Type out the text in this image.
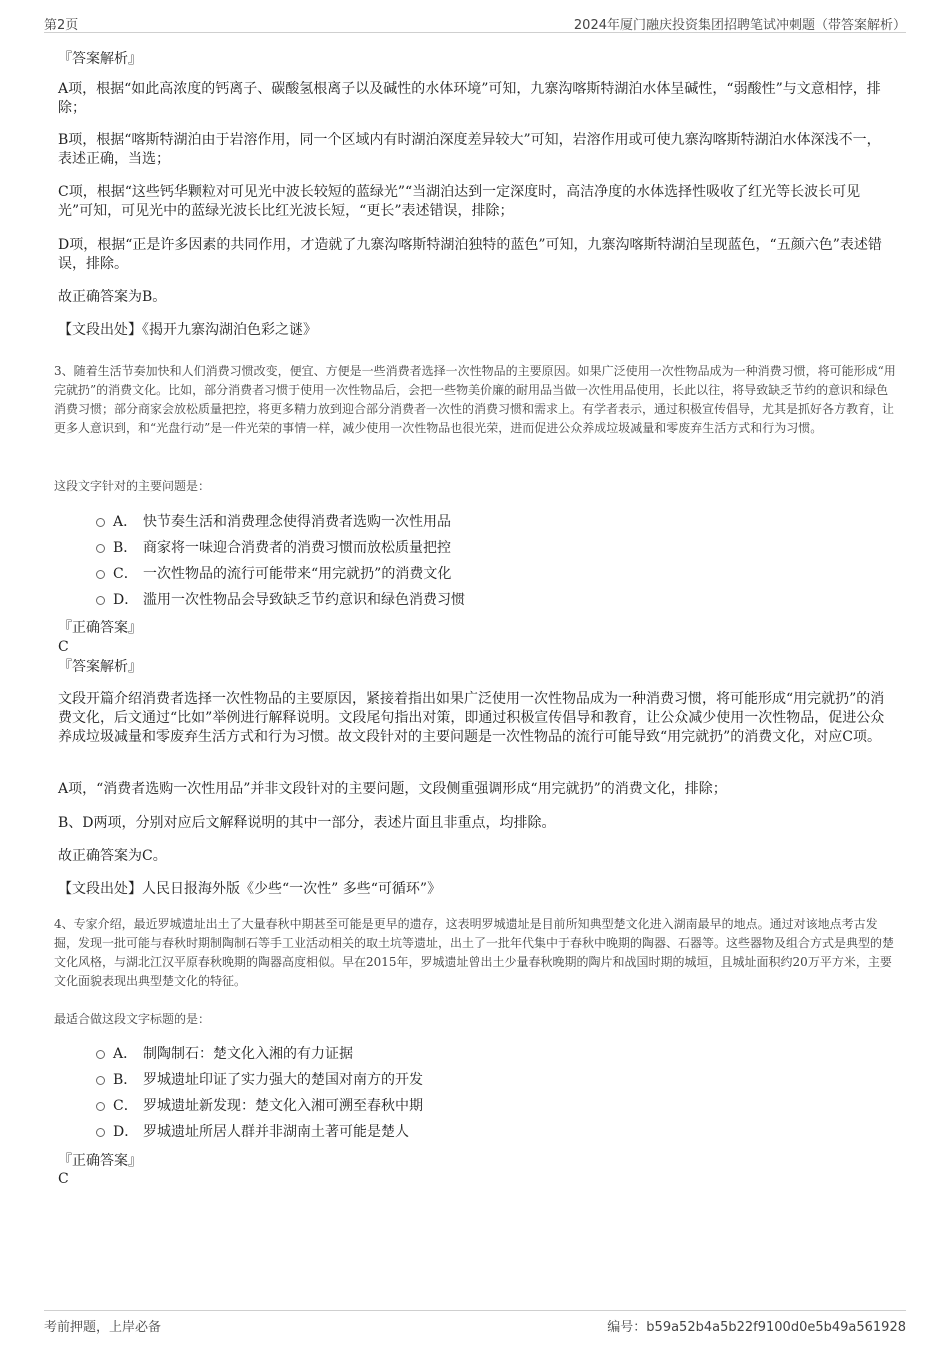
第2页	2024年厦门融庆投资集团招聘笔试冲刺题（带答案解析）
『答案解析』
A项，根据“如此高浓度的钙离子、碳酸氢根离子以及碱性的水体环境”可知，九寨沟喀斯特湖泊水体呈碱性，“弱酸性”与文意相悖，排除；
B项，根据“喀斯特湖泊由于岩溶作用，同一个区域内有时湖泊深度差异较大”可知，岩溶作用或可使九寨沟喀斯特湖泊水体深浅不一，表述正确，当选；
C项，根据“这些钙华颗粒对可见光中波长较短的蓝绿光”“当湖泊达到一定深度时，高洁净度的水体选择性吸收了红光等长波长可见光”可知，可见光中的蓝绿光波长比红光波长短，“更长”表述错误，排除；
D项，根据“正是许多因素的共同作用，才造就了九寨沟喀斯特湖泊独特的蓝色”可知，九寨沟喀斯特湖泊呈现蓝色，“五颜六色”表述错误，排除。
故正确答案为B。
【文段出处】《揭开九寨沟湖泊色彩之谜》
3、随着生活节奏加快和人们消费习惯改变，便宜、方便是一些消费者选择一次性物品的主要原因。如果广泛使用一次性物品成为一种消费习惯，将可能形成“用完就扔”的消费文化。比如，部分消费者习惯于使用一次性物品后，会把一些物美价廉的耐用品当做一次性用品使用，长此以往，将导致缺乏节约的意识和绿色消费习惯；部分商家会放松质量把控，将更多精力放到迎合部分消费者一次性的消费习惯和需求上。有学者表示，通过积极宣传倡导，尤其是抓好各方教育，让更多人意识到，和“光盘行动”是一件光荣的事情一样，减少使用一次性物品也很光荣，进而促进公众养成垃圾减量和零废弃生活方式和行为习惯。
这段文字针对的主要问题是：
A． 快节奏生活和消费理念使得消费者选购一次性用品
B． 商家将一味迎合消费者的消费习惯而放松质量把控
C． 一次性物品的流行可能带来“用完就扔”的消费文化
D． 滥用一次性物品会导致缺乏节约意识和绿色消费习惯
『正确答案』
C
『答案解析』
文段开篇介绍消费者选择一次性物品的主要原因，紧接着指出如果广泛使用一次性物品成为一种消费习惯，将可能形成“用完就扔”的消费文化，后文通过“比如”举例进行解释说明。文段尾句指出对策，即通过积极宣传倡导和教育，让公众减少使用一次性物品，促进公众养成垃圾减量和零废弃生活方式和行为习惯。故文段针对的主要问题是一次性物品的流行可能导致“用完就扔”的消费文化，对应C项。
A项，“消费者选购一次性用品”并非文段针对的主要问题，文段侧重强调形成“用完就扔”的消费文化，排除；
B、D两项，分别对应后文解释说明的其中一部分，表述片面且非重点，均排除。
故正确答案为C。
【文段出处】人民日报海外版《少些“一次性” 多些“可循环”》
4、专家介绍，最近罗城遗址出土了大量春秋中期甚至可能是更早的遗存，这表明罗城遗址是目前所知典型楚文化进入湖南最早的地点。通过对该地点考古发掘，发现一批可能与春秋时期制陶制石等手工业活动相关的取土坑等遗址，出土了一批年代集中于春秋中晚期的陶器、石器等。这些器物及组合方式是典型的楚文化风格，与湖北江汉平原春秋晚期的陶器高度相似。早在2015年，罗城遗址曾出土少量春秋晚期的陶片和战国时期的城垣，且城址面积约20万平方米，主要文化面貌表现出典型楚文化的特征。
最适合做这段文字标题的是：
A． 制陶制石：楚文化入湘的有力证据
B． 罗城遗址印证了实力强大的楚国对南方的开发
C． 罗城遗址新发现：楚文化入湘可溯至春秋中期
D． 罗城遗址所居人群并非湖南土著可能是楚人
『正确答案』
C
考前押题，上岸必备	编号：b59a52b4a5b22f9100d0e5b49a561928
